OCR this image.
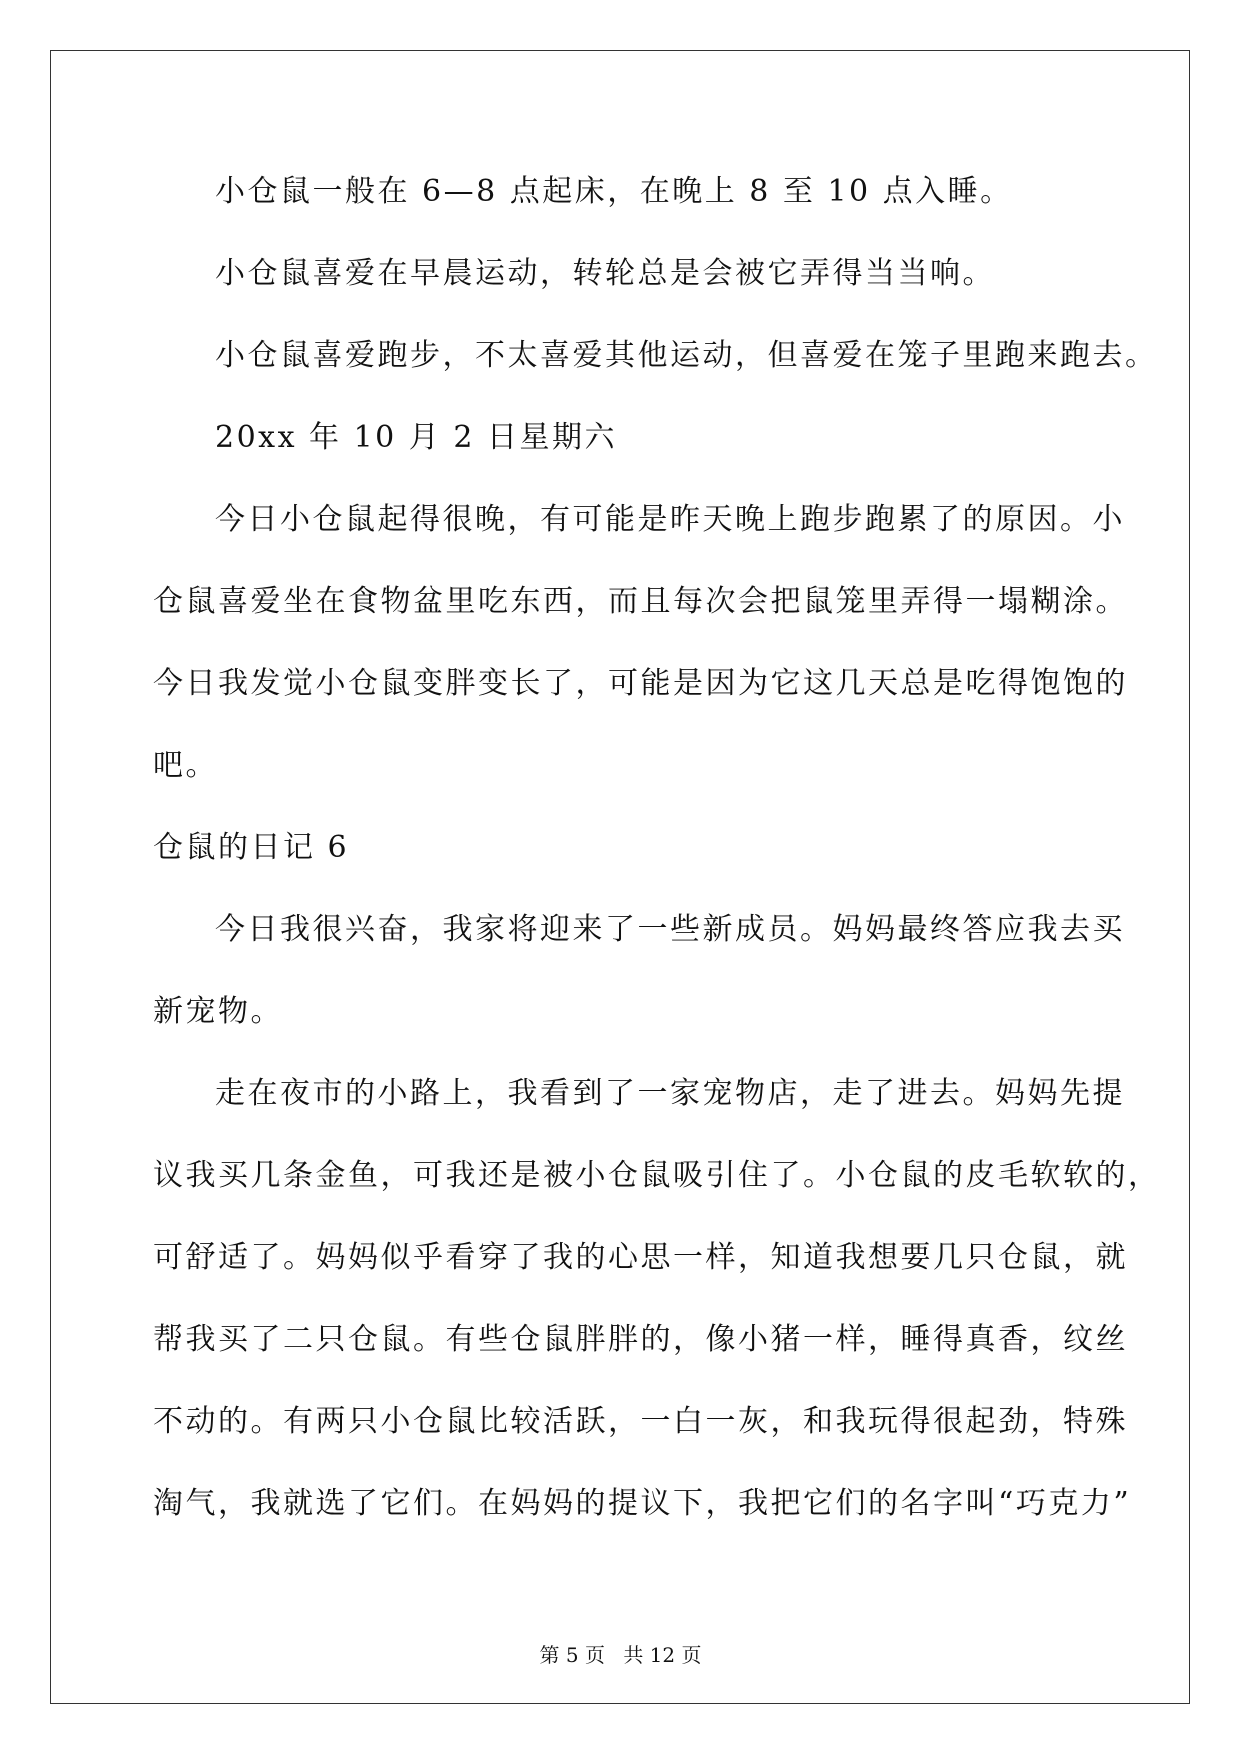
小仓鼠一般在 6—8 点起床，在晚上 8 至 10 点入睡。
小仓鼠喜爱在早晨运动，转轮总是会被它弄得当当响。
小仓鼠喜爱跑步，不太喜爱其他运动，但喜爱在笼子里跑来跑去。
20xx 年 10 月 2 日星期六
今日小仓鼠起得很晚，有可能是昨天晚上跑步跑累了的原因。小
仓鼠喜爱坐在食物盆里吃东西，而且每次会把鼠笼里弄得一塌糊涂。
今日我发觉小仓鼠变胖变长了，可能是因为它这几天总是吃得饱饱的
吧。
仓鼠的日记 6
今日我很兴奋，我家将迎来了一些新成员。妈妈最终答应我去买
新宠物。
走在夜市的小路上，我看到了一家宠物店，走了进去。妈妈先提
议我买几条金鱼，可我还是被小仓鼠吸引住了。小仓鼠的皮毛软软的，
可舒适了。妈妈似乎看穿了我的心思一样，知道我想要几只仓鼠，就
帮我买了二只仓鼠。有些仓鼠胖胖的，像小猪一样，睡得真香，纹丝
不动的。有两只小仓鼠比较活跃，一白一灰，和我玩得很起劲，特殊
淘气，我就选了它们。在妈妈的提议下，我把它们的名字叫“巧克力”
第 5 页 共 12 页
